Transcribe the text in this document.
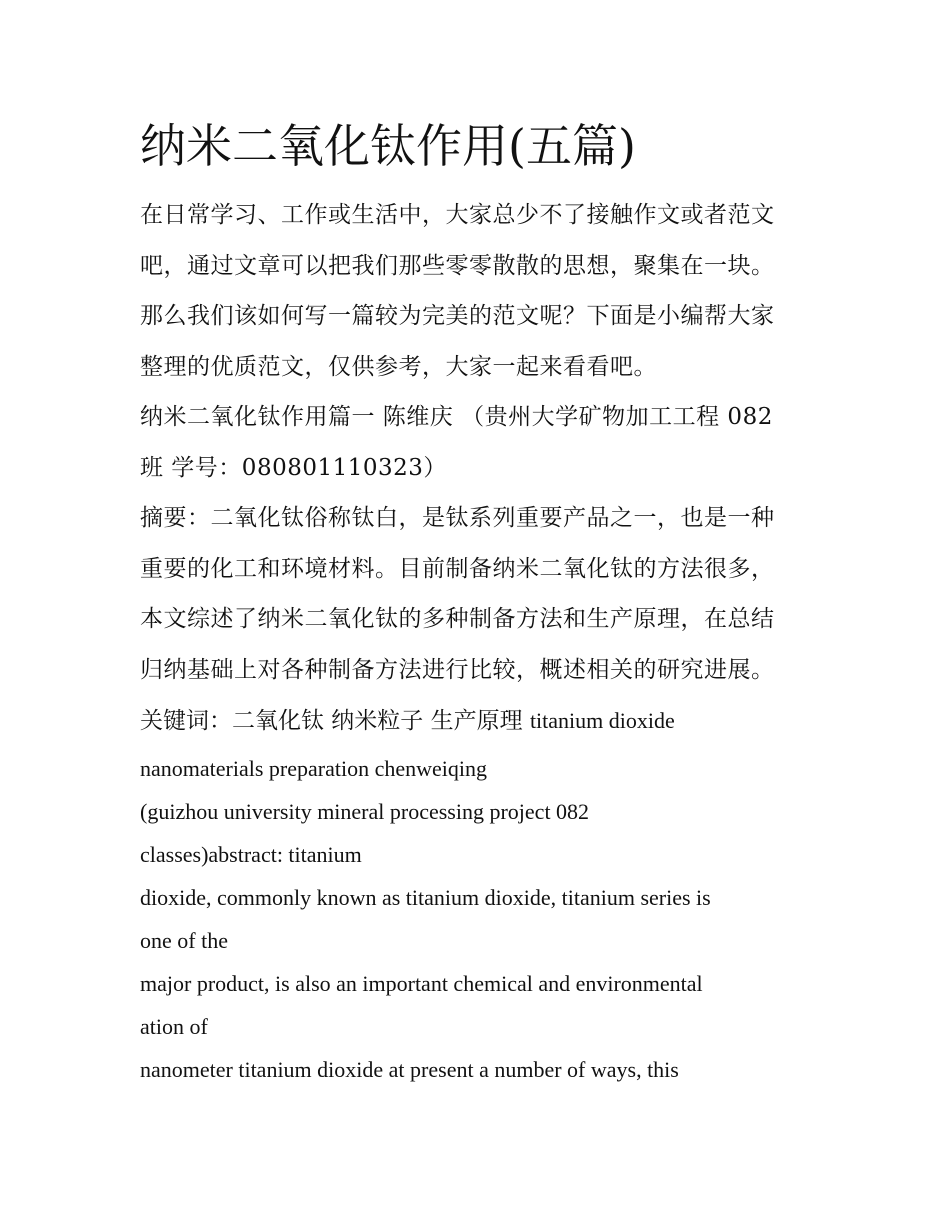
纳米二氧化钛作用(五篇)

在日常学习、工作或生活中，大家总少不了接触作文或者范文

吧，通过文章可以把我们那些零零散散的思想，聚集在一块。

那么我们该如何写一篇较为完美的范文呢？下面是小编帮大家

整理的优质范文，仅供参考，大家一起来看看吧。

纳米二氧化钛作用篇一 陈维庆 （贵州大学矿物加工工程 082

班 学号：080801110323）

摘要：二氧化钛俗称钛白，是钛系列重要产品之一，也是一种

重要的化工和环境材料。目前制备纳米二氧化钛的方法很多，

本文综述了纳米二氧化钛的多种制备方法和生产原理，在总结

归纳基础上对各种制备方法进行比较，概述相关的研究进展。

关键词：二氧化钛 纳米粒子 生产原理 titanium dioxide

nanomaterials preparation chenweiqing

(guizhou university mineral processing project 082

classes)abstract: titanium

dioxide, commonly known as titanium dioxide, titanium series is

one of the

major product, is also an important chemical and environmental

ation of

nanometer titanium dioxide at present a number of ways, this
